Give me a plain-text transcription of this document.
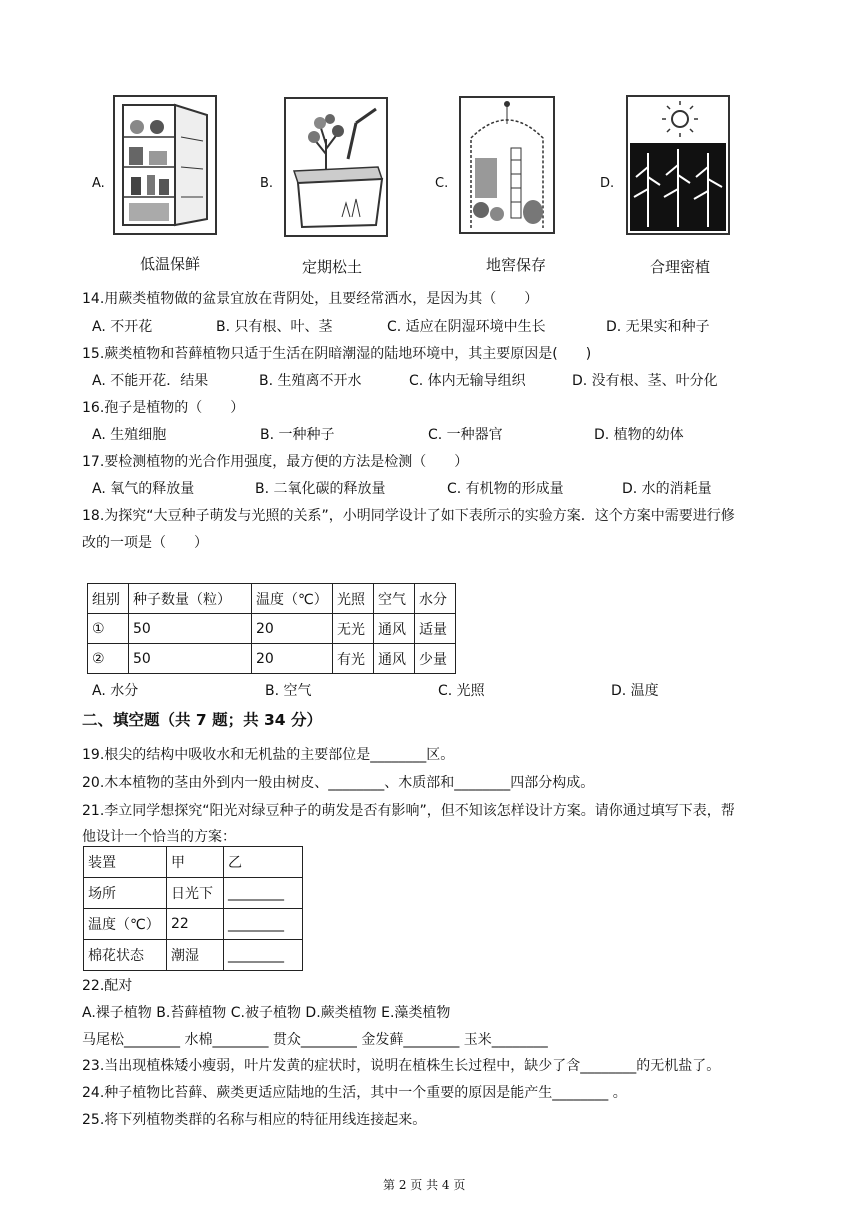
A.
低温保鲜
B.
定期松土
C.
地窖保存
D.
合理密植
14.用蕨类植物做的盆景宜放在背阴处，且要经常洒水，是因为其（　　）
A. 不开花	B. 只有根、叶、茎	C. 适应在阴湿环境中生长	D. 无果实和种子
15.蕨类植物和苔藓植物只适于生活在阴暗潮湿的陆地环境中，其主要原因是(　　)
A. 不能开花．结果	B. 生殖离不开水	C. 体内无输导组织	D. 没有根、茎、叶分化
16.孢子是植物的（　　）
A. 生殖细胞	B. 一种种子	C. 一种器官	D. 植物的幼体
17.要检测植物的光合作用强度，最方便的方法是检测（　　）
A. 氧气的释放量	B. 二氧化碳的释放量	C. 有机物的形成量	D. 水的消耗量
18.为探究“大豆种子萌发与光照的关系”，小明同学设计了如下表所示的实验方案．这个方案中需要进行修
改的一项是（　　）
组别	种子数量（粒）	温度（℃）	光照	空气	水分
①	50	20	无光	通风	适量
②	50	20	有光	通风	少量
A. 水分	B. 空气	C. 光照	D. 温度
二、填空题（共 7 题；共 34 分）
19.根尖的结构中吸收水和无机盐的主要部位是________区。
20.木本植物的茎由外到内一般由树皮、________、木质部和________四部分构成。
21.李立同学想探究“阳光对绿豆种子的萌发是否有影响”，但不知该怎样设计方案。请你通过填写下表，帮
他设计一个恰当的方案：
装置	甲	乙
场所	日光下	________
温度（℃）	22	________
棉花状态	潮湿	________
22.配对
A.裸子植物 B.苔藓植物 C.被子植物 D.蕨类植物 E.藻类植物
马尾松________ 水棉________ 贯众________ 金发藓________ 玉米________
23.当出现植株矮小瘦弱，叶片发黄的症状时，说明在植株生长过程中，缺少了含________的无机盐了。
24.种子植物比苔藓、蕨类更适应陆地的生活，其中一个重要的原因是能产生________ 。
25.将下列植物类群的名称与相应的特征用线连接起来。
第 2 页 共 4 页
